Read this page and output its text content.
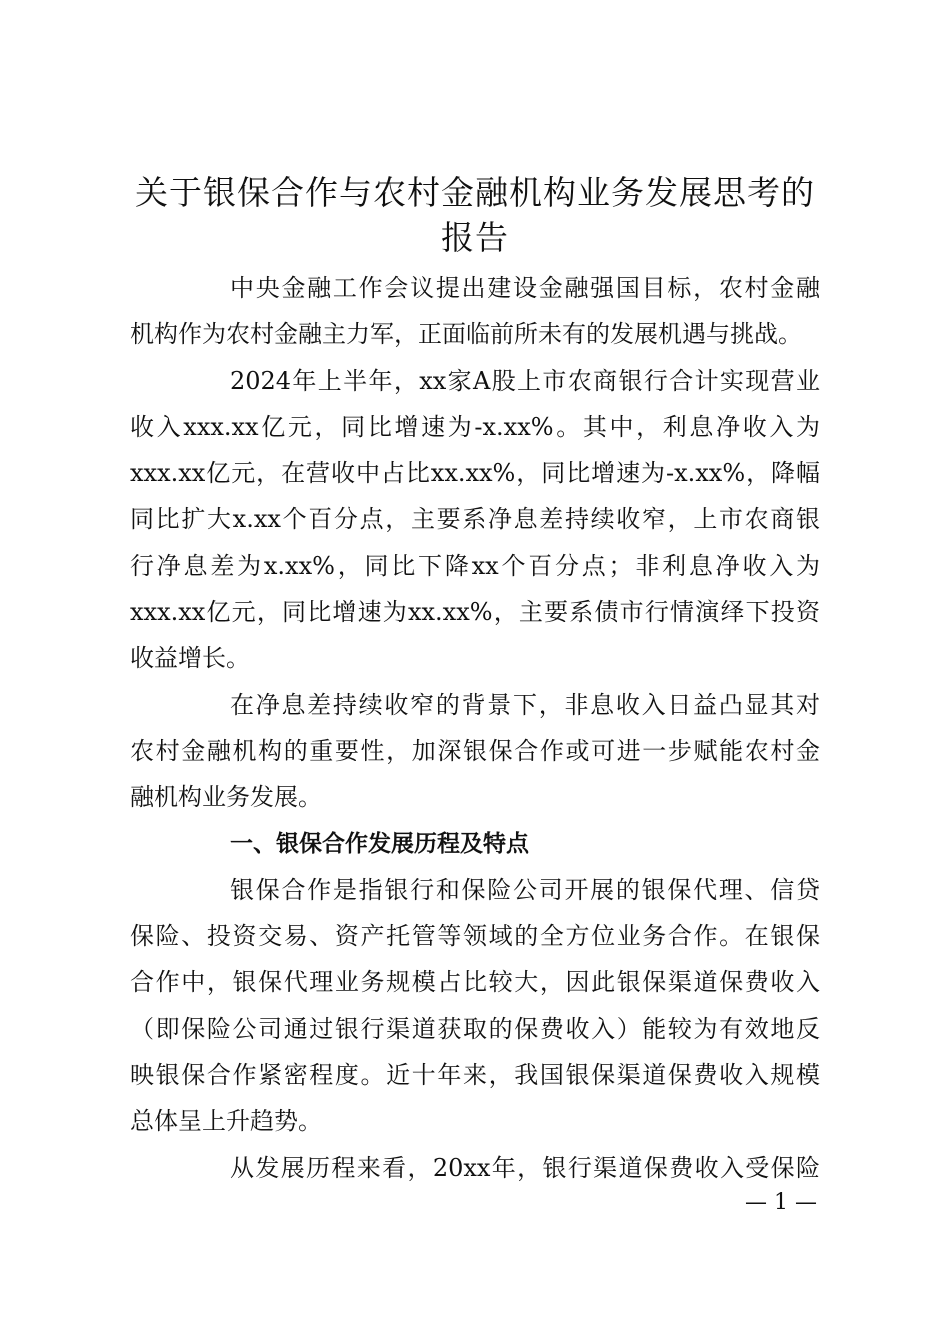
关于银保合作与农村金融机构业务发展思考的
报告
中央金融工作会议提出建设金融强国目标，农村金融
机构作为农村金融主力军，正面临前所未有的发展机遇与挑战。
2024年上半年，xx家A股上市农商银行合计实现营业
收入xxx.xx亿元，同比增速为-x.xx%。其中，利息净收入为
xxx.xx亿元，在营收中占比xx.xx%，同比增速为-x.xx%，降幅
同比扩大x.xx个百分点，主要系净息差持续收窄，上市农商银
行净息差为x.xx%，同比下降xx个百分点；非利息净收入为
xxx.xx亿元，同比增速为xx.xx%，主要系债市行情演绎下投资
收益增长。
在净息差持续收窄的背景下，非息收入日益凸显其对
农村金融机构的重要性，加深银保合作或可进一步赋能农村金
融机构业务发展。
一、银保合作发展历程及特点
银保合作是指银行和保险公司开展的银保代理、信贷
保险、投资交易、资产托管等领域的全方位业务合作。在银保
合作中，银保代理业务规模占比较大，因此银保渠道保费收入
（即保险公司通过银行渠道获取的保费收入）能较为有效地反
映银保合作紧密程度。近十年来，我国银保渠道保费收入规模
总体呈上升趋势。
从发展历程来看，20xx年，银行渠道保费收入受保险
— 1 —
